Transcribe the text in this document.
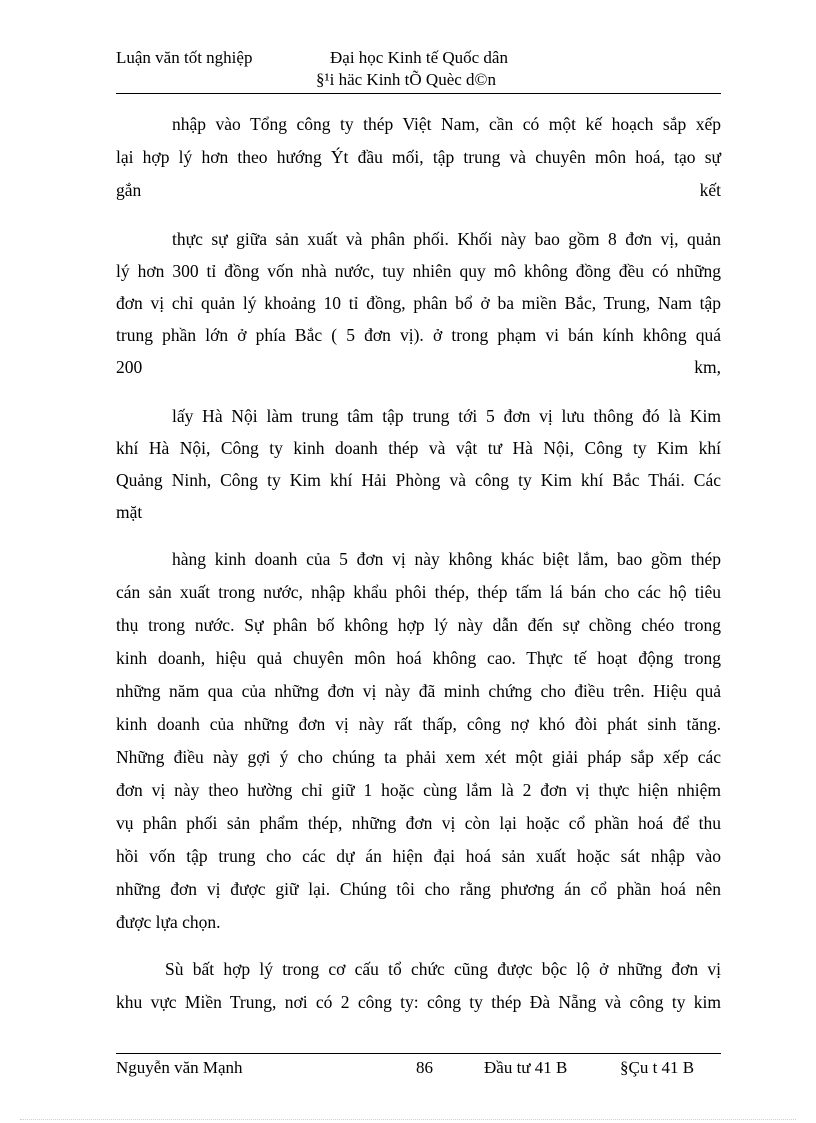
Luận văn tốt nghiệp	Đại học Kinh tế Quốc dân
§¹i häc Kinh tÕ Quèc d©n
nhập vào Tổng công ty thép Việt Nam, cần có một kế hoạch sắp xếp
lại hợp lý hơn theo hướng Ýt đầu mối, tập trung và chuyên môn hoá, tạo sự
gắn	kết
thực sự giữa sản xuất và phân phối. Khối này bao gồm 8 đơn vị, quản
lý hơn 300 tỉ đồng vốn nhà nước, tuy nhiên quy mô không đồng đều có những
đơn vị chỉ quản lý khoảng 10 tỉ đồng, phân bổ ở ba miền Bắc, Trung, Nam tập
trung phần lớn ở phía Bắc ( 5 đơn vị). ở trong phạm vi bán kính không quá
200	km,
lấy Hà Nội làm trung tâm tập trung tới 5 đơn vị lưu thông đó là Kim
khí Hà Nội, Công ty kinh doanh thép và vật tư Hà Nội, Công ty Kim khí
Quảng Ninh, Công ty Kim khí Hải Phòng và công ty Kim khí Bắc Thái. Các
mặt
hàng kinh doanh của 5 đơn vị này không khác biệt lắm, bao gồm thép
cán sản xuất trong nước, nhập khẩu phôi thép, thép tấm lá bán cho các hộ tiêu
thụ trong nước. Sự phân bố không hợp lý này dẫn đến sự chồng chéo trong
kinh doanh, hiệu quả chuyên môn hoá không cao. Thực tế hoạt động trong
những năm qua của những đơn vị này đã minh chứng cho điều trên. Hiệu quả
kinh doanh của những đơn vị này rất thấp, công nợ khó đòi phát sinh tăng.
Những điều này gợi ý cho chúng ta phải xem xét một giải pháp sắp xếp các
đơn vị này theo hường chỉ giữ 1 hoặc cùng lắm là 2 đơn vị thực hiện nhiệm
vụ phân phối sản phẩm thép, những đơn vị còn lại hoặc cổ phần hoá để thu
hồi vốn tập trung cho các dự án hiện đại hoá sản xuất hoặc sát nhập vào
những đơn vị được giữ lại. Chúng tôi cho rằng phương án cổ phần hoá nên
được lựa chọn.
Sù bất hợp lý trong cơ cấu tổ chức cũng được bộc lộ ở những đơn vị
khu vực Miền Trung, nơi có 2 công ty: công ty thép Đà Nẵng và công ty kim
Nguyễn văn Mạnh	86	Đầu tư 41 B	§Çu t 41 B
